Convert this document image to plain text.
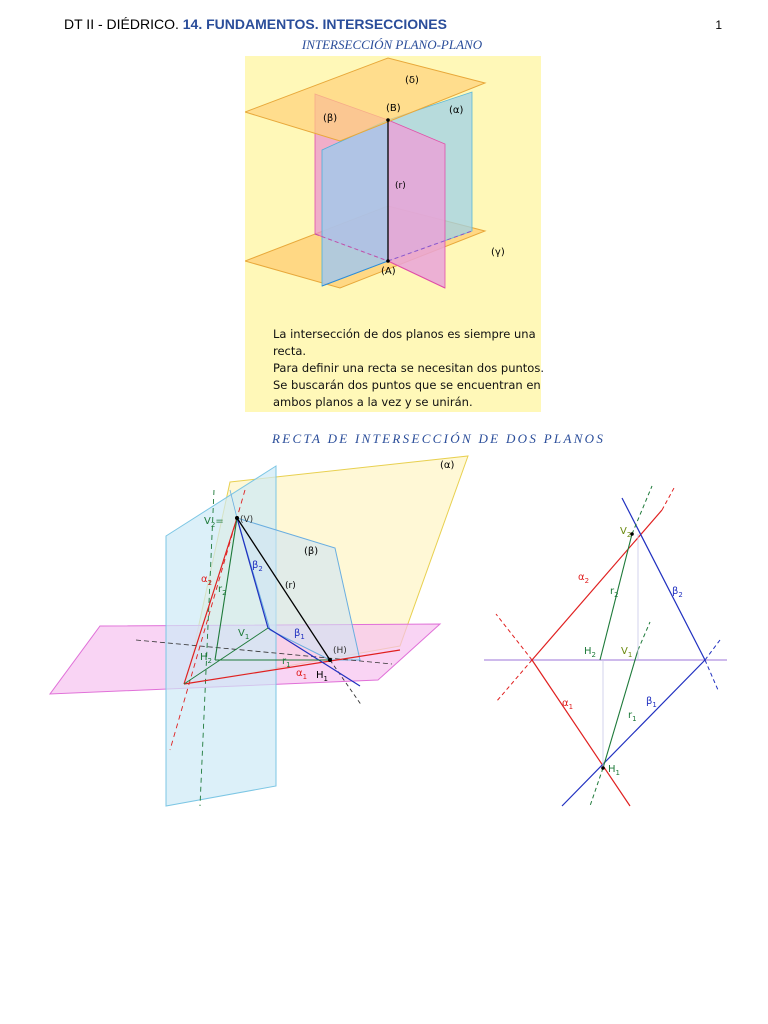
DT II - DIÉDRICO. 14. FUNDAMENTOS. INTERSECCIONES	1
INTERSECCIÓN PLANO-PLANO
(δ)
(α)
(β)
(γ)
(B)
(A)
(r)
La intersección de dos planos es siempre una
recta.
Para definir una recta se necesitan dos puntos.
Se buscarán dos puntos que se encuentran en
ambos planos a la vez y se unirán.
RECTA DE INTERSECCIÓN DE DOS PLANOS
(α)
(β)
(V)
(H)
(r)
$V_2=$
$\alpha_2$
$\beta_2$
$r_2$
$V_1$
$H_2$
$\beta_1$
$r_1$
$\alpha_1$ $H_1$
$V_2$
$\alpha_2$
$r_2$	$\beta_2$
$H_2$	$V_1$
$\alpha_1$
$r_1$
$\beta_1$
$H_1$
